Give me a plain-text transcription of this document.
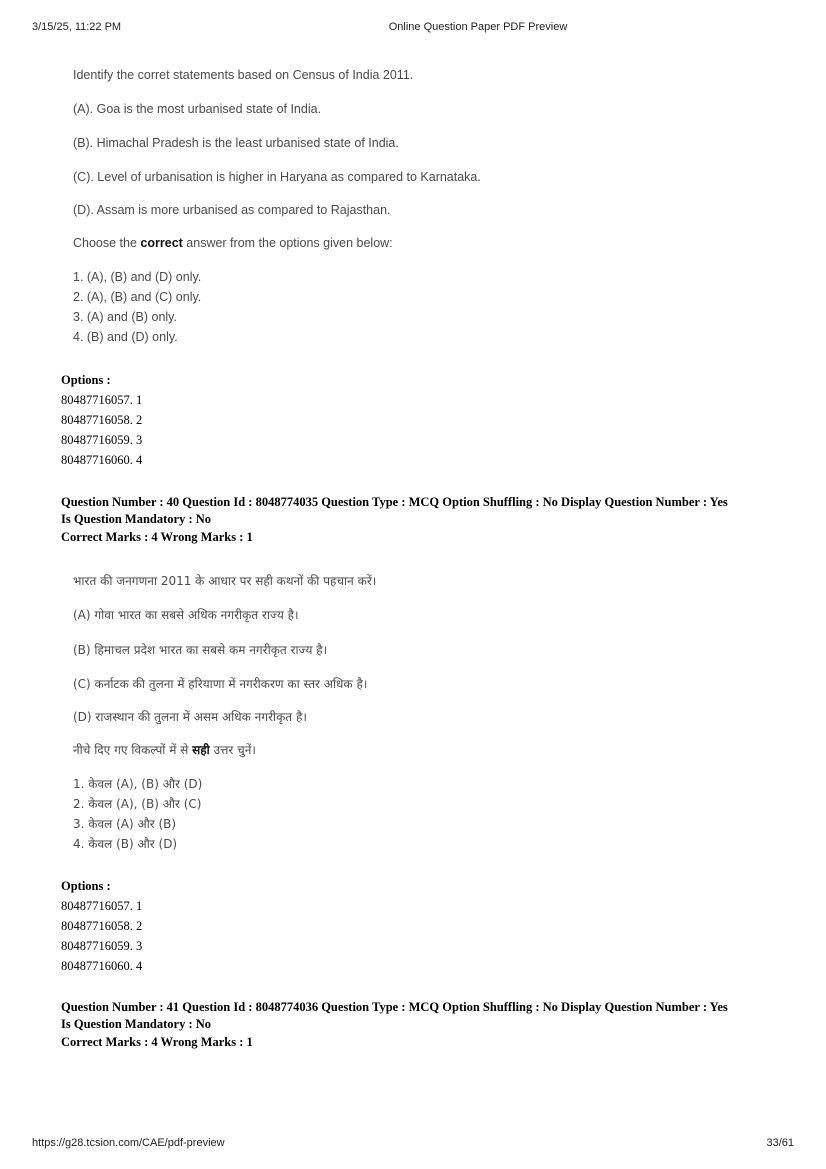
3/15/25, 11:22 PM	Online Question Paper PDF Preview
Identify the corret statements based on Census of India 2011.
(A). Goa is the most urbanised state of India.
(B). Himachal Pradesh is the least urbanised state of India.
(C). Level of urbanisation is higher in Haryana as compared to Karnataka.
(D). Assam is more urbanised as compared to Rajasthan.
Choose the correct answer from the options given below:
1. (A), (B) and (D) only.
2. (A), (B) and (C) only.
3. (A) and (B) only.
4. (B) and (D) only.
Options :
80487716057. 1
80487716058. 2
80487716059. 3
80487716060. 4
Question Number : 40 Question Id : 8048774035 Question Type : MCQ Option Shuffling : No Display Question Number : Yes
Is Question Mandatory : No
Correct Marks : 4 Wrong Marks : 1
भारत की जनगणना 2011 के आधार पर सही कथनों की पहचान करें।
(A) गोवा भारत का सबसे अधिक नगरीकृत राज्य है।
(B) हिमाचल प्रदेश भारत का सबसे कम नगरीकृत राज्य है।
(C) कर्नाटक की तुलना में हरियाणा में नगरीकरण का स्तर अधिक है।
(D) राजस्थान की तुलना में असम अधिक नगरीकृत है।
नीचे दिए गए विकल्पों में से सही उत्तर चुनें।
1. केवल (A), (B) और (D)
2. केवल (A), (B) और (C)
3. केवल (A) और (B)
4. केवल (B) और (D)
Options :
80487716057. 1
80487716058. 2
80487716059. 3
80487716060. 4
Question Number : 41 Question Id : 8048774036 Question Type : MCQ Option Shuffling : No Display Question Number : Yes
Is Question Mandatory : No
Correct Marks : 4 Wrong Marks : 1
https://g28.tcsion.com/CAE/pdf-preview	33/61
